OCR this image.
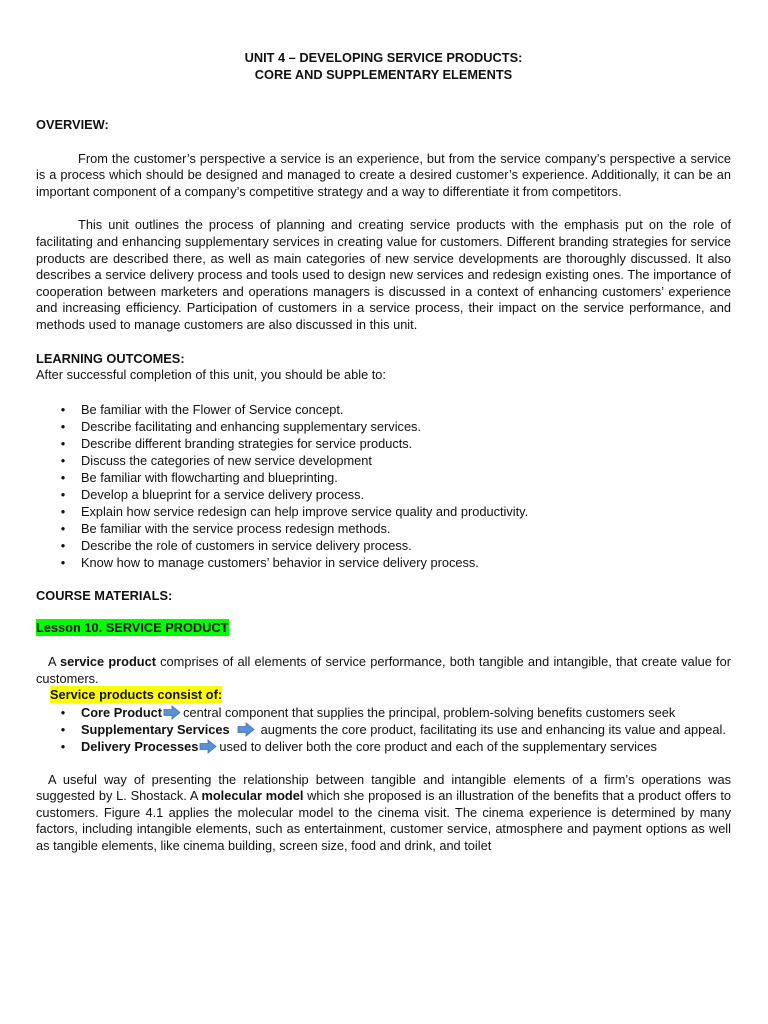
UNIT 4 – DEVELOPING SERVICE PRODUCTS:
CORE AND SUPPLEMENTARY ELEMENTS

OVERVIEW:

From the customer’s perspective a service is an experience, but from the service company’s perspective a service is a process which should be designed and managed to create a desired customer’s experience. Additionally, it can be an important component of a company’s competitive strategy and a way to differentiate it from competitors.

This unit outlines the process of planning and creating service products with the emphasis put on the role of facilitating and enhancing supplementary services in creating value for customers. Different branding strategies for service products are described there, as well as main categories of new service developments are thoroughly discussed. It also describes a service delivery process and tools used to design new services and redesign existing ones. The importance of cooperation between marketers and operations managers is discussed in a context of enhancing customers’ experience and increasing efficiency. Participation of customers in a service process, their impact on the service performance, and methods used to manage customers are also discussed in this unit.

LEARNING OUTCOMES:

After successful completion of this unit, you should be able to:

• Be familiar with the Flower of Service concept.
• Describe facilitating and enhancing supplementary services.
• Describe different branding strategies for service products.
• Discuss the categories of new service development
• Be familiar with flowcharting and blueprinting.
• Develop a blueprint for a service delivery process.
• Explain how service redesign can help improve service quality and productivity.
• Be familiar with the service process redesign methods.
• Describe the role of customers in service delivery process.
• Know how to manage customers’ behavior in service delivery process.

COURSE MATERIALS:

Lesson 10. SERVICE PRODUCT

A service product comprises of all elements of service performance, both tangible and intangible, that create value for customers.

Service products consist of:

• Core Product central component that supplies the principal, problem-solving benefits customers seek
• Supplementary Services augments the core product, facilitating its use and enhancing its value and appeal.
• Delivery Processes used to deliver both the core product and each of the supplementary services

A useful way of presenting the relationship between tangible and intangible elements of a firm’s operations was suggested by L. Shostack. A molecular model which she proposed is an illustration of the benefits that a product offers to customers. Figure 4.1 applies the molecular model to the cinema visit. The cinema experience is determined by many factors, including intangible elements, such as entertainment, customer service, atmosphere and payment options as well as tangible elements, like cinema building, screen size, food and drink, and toilet
